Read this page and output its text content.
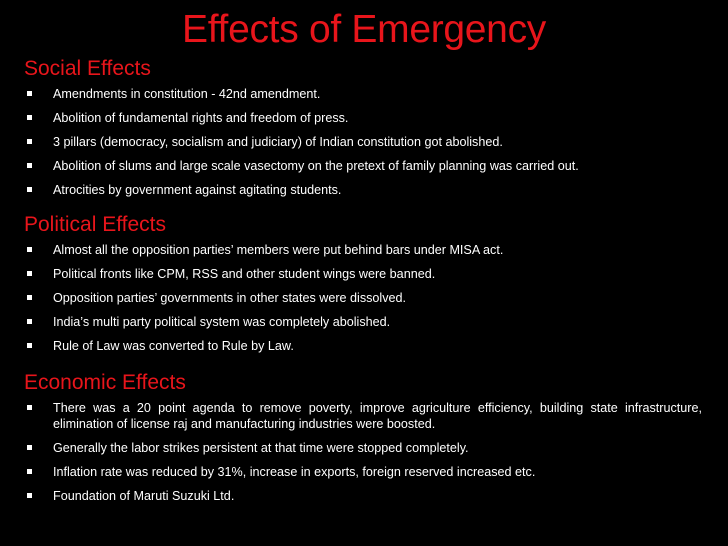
Effects of Emergency
Social Effects
Amendments in constitution - 42nd amendment.
Abolition of fundamental rights and freedom of press.
3 pillars (democracy, socialism and judiciary) of Indian constitution got abolished.
Abolition of slums and large scale vasectomy on the pretext of family planning was carried out.
Atrocities by government against agitating students.
Political Effects
Almost all the opposition parties’ members were put behind bars under MISA act.
Political fronts like CPM, RSS and other student wings were banned.
Opposition parties’ governments in other states were dissolved.
India’s multi party political system was completely abolished.
Rule of Law was converted to Rule by Law.
Economic Effects
There was a 20 point agenda to remove poverty, improve agriculture efficiency, building state infrastructure, elimination of license raj and manufacturing industries were boosted.
Generally the labor strikes persistent at that time were stopped completely.
Inflation rate was reduced by 31%, increase in exports, foreign reserved increased etc.
Foundation of Maruti Suzuki Ltd.
